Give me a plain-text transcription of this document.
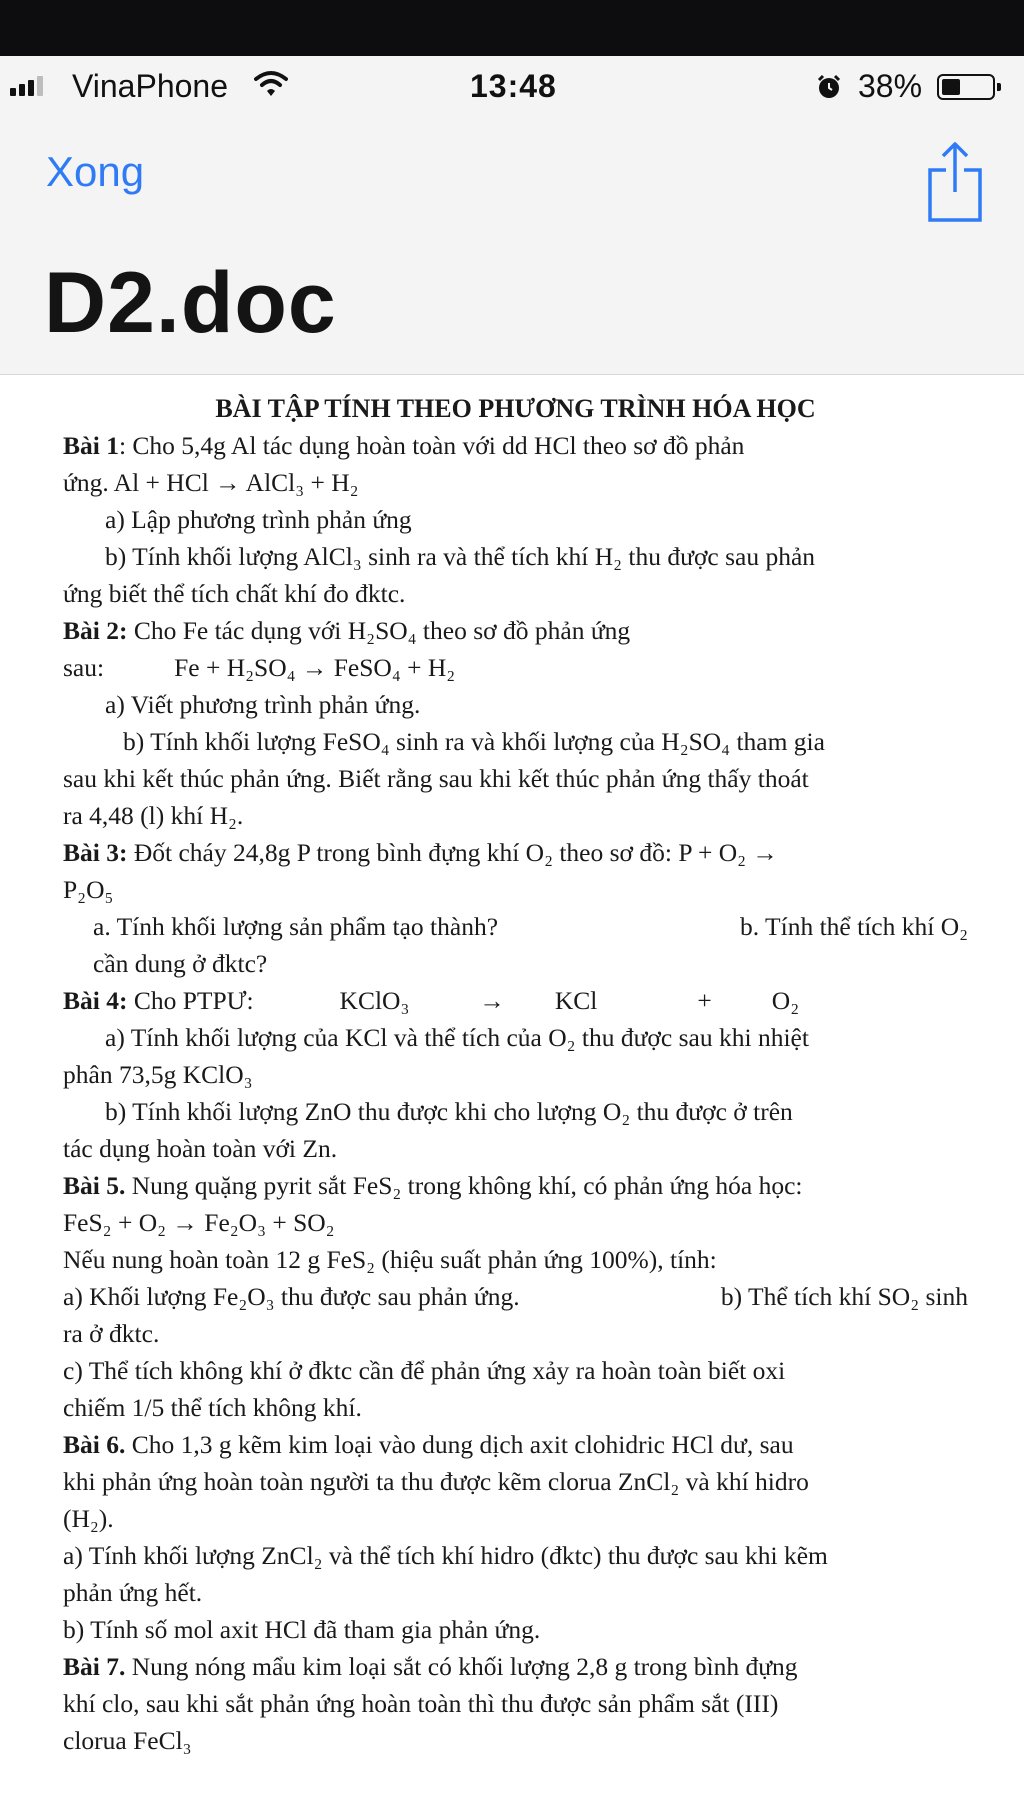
VinaPhone	13:48	38%
Xong
D2.doc

BÀI TẬP TÍNH THEO PHƯƠNG TRÌNH HÓA HỌC

Bài 1: Cho 5,4g Al tác dụng hoàn toàn với dd HCl theo sơ đồ phản

ứng. Al + HCl → AlCl₃ + H₂

a) Lập phương trình phản ứng

b) Tính khối lượng AlCl₃ sinh ra và thể tích khí H₂ thu được sau phản

ứng biết thể tích chất khí đo đktc.

Bài 2: Cho Fe tác dụng với H₂SO₄ theo sơ đồ phản ứng

sau:	Fe + H₂SO₄ → FeSO₄ + H₂

a) Viết phương trình phản ứng.

b) Tính khối lượng FeSO₄ sinh ra và khối lượng của H₂SO₄ tham gia

sau khi kết thúc phản ứng. Biết rằng sau khi kết thúc phản ứng thấy thoát

ra 4,48 (l) khí H₂.

Bài 3: Đốt cháy 24,8g P trong bình đựng khí O₂ theo sơ đồ: P + O₂ →

P₂O₅

a. Tính khối lượng sản phẩm tạo thành?	b. Tính thể tích khí O₂

cần dung ở đktc?

Bài 4: Cho PTPƯ:	KClO₃	→ KCl	+ O₂

a) Tính khối lượng của KCl và thể tích của O₂ thu được sau khi nhiệt

phân 73,5g KClO₃

b) Tính khối lượng ZnO thu được khi cho lượng O₂ thu được ở trên

tác dụng hoàn toàn với Zn.

Bài 5. Nung quặng pyrit sắt FeS₂ trong không khí, có phản ứng hóa học:

FeS₂ + O₂ → Fe₂O₃ + SO₂

Nếu nung hoàn toàn 12 g FeS₂ (hiệu suất phản ứng 100%), tính:

a) Khối lượng Fe₂O₃ thu được sau phản ứng.	b) Thể tích khí SO₂ sinh

ra ở đktc.

c) Thể tích không khí ở đktc cần để phản ứng xảy ra hoàn toàn biết oxi

chiếm 1/5 thể tích không khí.

Bài 6. Cho 1,3 g kẽm kim loại vào dung dịch axit clohidric HCl dư, sau

khi phản ứng hoàn toàn người ta thu được kẽm clorua ZnCl₂ và khí hidro

(H₂).

a) Tính khối lượng ZnCl₂ và thể tích khí hidro (đktc) thu được sau khi kẽm

phản ứng hết.

b) Tính số mol axit HCl đã tham gia phản ứng.

Bài 7. Nung nóng mẩu kim loại sắt có khối lượng 2,8 g trong bình đựng

khí clo, sau khi sắt phản ứng hoàn toàn thì thu được sản phẩm sắt (III)

clorua FeCl₃
